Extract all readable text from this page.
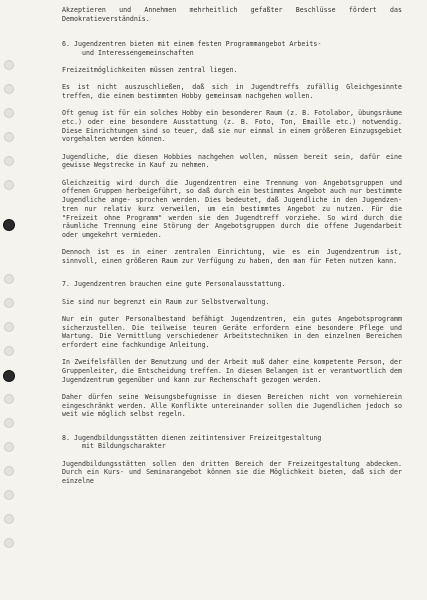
Akzeptieren und Annehmen mehrheitlich gefaßter Beschlüsse fördert das Demokratieverständnis.

6. Jugendzentren bieten mit einem festen Programmangebot Arbeits-
und Interessengemeinschaften

Freizeitmöglichkeiten müssen zentral liegen.

Es ist nicht auszuschließen, daß sich in Jugendtreffs zufällig Gleichgesinnte treffen, die einem bestimmten Hobby gemeinsam nachgehen wollen.

Oft genug ist für ein solches Hobby ein besonderer Raum (z. B. Fotolabor, übungsräume etc.) oder eine besondere Ausstattung (z. B. Foto, Ton, Emaille etc.) notwendig. Diese Einrichtungen sind so teuer, daß sie nur einmal in einem größeren Einzugsgebiet vorgehalten werden können.

Jugendliche, die diesen Hobbies nachgehen wollen, müssen bereit sein, dafür eine gewisse Wegstrecke in Kauf zu nehmen.

Gleichzeitig wird durch die Jugendzentren eine Trennung von Angebotsgruppen und offenen Gruppen herbeigeführt, so daß durch ein bestimmtes Angebot auch nur bestimmte Jugendliche ange- sprochen werden. Dies bedeutet, daß Jugendliche in den Jugendzen- tren nur relativ kurz verweilen, um ein bestimmtes Angebot zu nutzen. Für die "Freizeit ohne Programm" werden sie den Jugendtreff vorziehe. So wird durch die räumliche Trennung eine Störung der Angebotsgruppen durch die offene Jugendarbeit oder umgekehrt vermieden.

Dennoch ist es in einer zentralen Einrichtung, wie es ein Jugendzentrum ist, sinnvoll, einen größeren Raum zur Verfügung zu haben, den man für Feten nutzen kann.

7. Jugendzentren brauchen eine gute Personalausstattung.

Sie sind nur begrenzt ein Raum zur Selbstverwaltung.

Nur ein guter Personalbestand befähigt Jugendzentren, ein gutes Angebotsprogramm sicherzustellen. Die teilweise teuren Geräte erfordern eine besondere Pflege und Wartung. Die Vermittlung verschiedener Arbeitstechniken in den einzelnen Bereichen erfordert eine fachkundige Anleitung.

In Zweifelsfällen der Benutzung und der Arbeit muß daher eine kompetente Person, der Gruppenleiter, die Entscheidung treffen. In diesen Belangen ist er verantwortlich dem Jugendzentrum gegenüber und kann zur Rechenschaft gezogen werden.

Daher dürfen seine Weisungsbefugnisse in diesen Bereichen nicht von vornehierein eingeschränkt werden. Alle Konflikte untereinander sollen die Jugendlichen jedoch so weit wie möglich selbst regeln.

8. Jugendbildungsstätten dienen zeitintensiver Freizeitgestaltung
mit Bildungscharakter

Jugendbildungsstätten sollen den dritten Bereich der Freizeitgestaltung abdecken. Durch ein Kurs- und Seminarangebot können sie die Möglichkeit bieten, daß sich der einzelne
